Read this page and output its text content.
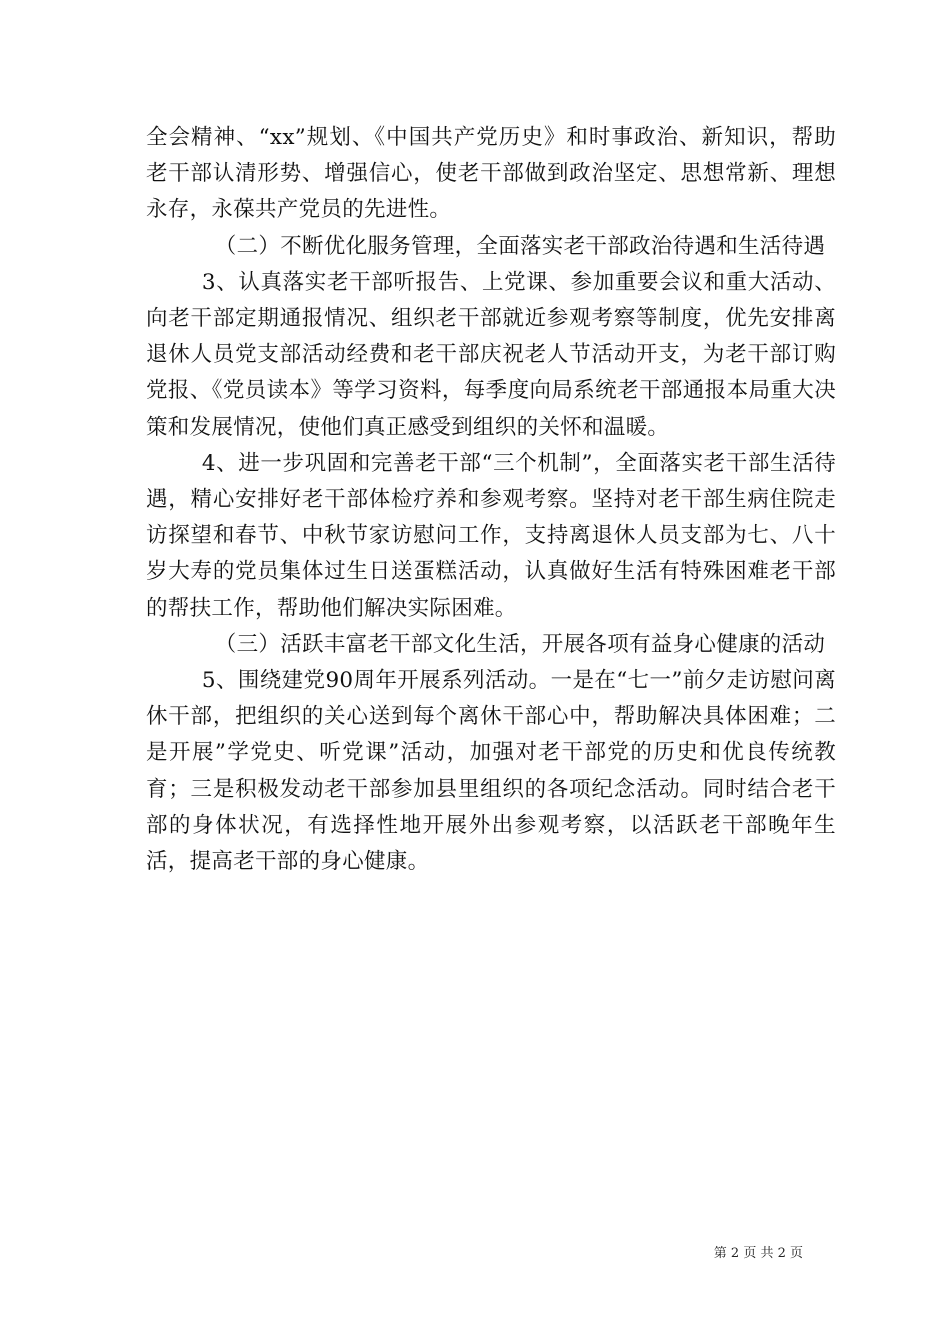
全会精神、“xx”规划、《中国共产党历史》和时事政治、新知识，帮助老干部认清形势、增强信心，使老干部做到政治坚定、思想常新、理想永存，永葆共产党员的先进性。

（二）不断优化服务管理，全面落实老干部政治待遇和生活待遇

3、认真落实老干部听报告、上党课、参加重要会议和重大活动、向老干部定期通报情况、组织老干部就近参观考察等制度，优先安排离退休人员党支部活动经费和老干部庆祝老人节活动开支，为老干部订购党报、《党员读本》等学习资料，每季度向局系统老干部通报本局重大决策和发展情况，使他们真正感受到组织的关怀和温暖。

4、进一步巩固和完善老干部“三个机制”，全面落实老干部生活待遇，精心安排好老干部体检疗养和参观考察。坚持对老干部生病住院走访探望和春节、中秋节家访慰问工作，支持离退休人员支部为七、八十岁大寿的党员集体过生日送蛋糕活动，认真做好生活有特殊困难老干部的帮扶工作，帮助他们解决实际困难。

（三）活跃丰富老干部文化生活，开展各项有益身心健康的活动

5、围绕建党90周年开展系列活动。一是在“七一”前夕走访慰问离休干部，把组织的关心送到每个离休干部心中，帮助解决具体困难；二是开展”学党史、听党课”活动，加强对老干部党的历史和优良传统教育；三是积极发动老干部参加县里组织的各项纪念活动。同时结合老干部的身体状况，有选择性地开展外出参观考察，以活跃老干部晚年生活，提高老干部的身心健康。

第 2 页 共 2 页
